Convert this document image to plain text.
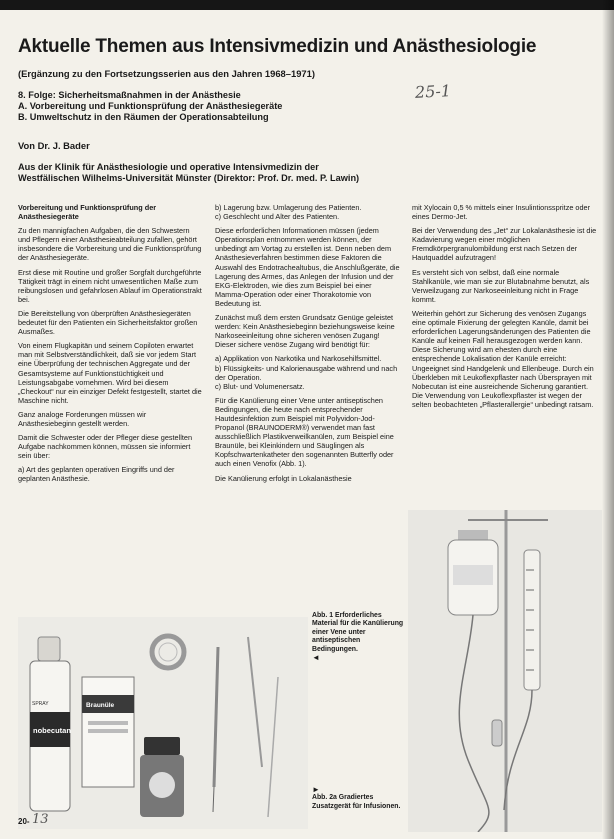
Aktuelle Themen aus Intensivmedizin und Anästhesiologie
(Ergänzung zu den Fortsetzungsserien aus den Jahren 1968–1971)
8. Folge: Sicherheitsmaßnahmen in der Anästhesie
A. Vorbereitung und Funktionsprüfung der Anästhesiegeräte
B. Umweltschutz in den Räumen der Operationsabteilung
25-1
Von Dr. J. Bader
Aus der Klinik für Anästhesiologie und operative Intensivmedizin der
Westfälischen Wilhelms-Universität Münster (Direktor: Prof. Dr. med. P. Lawin)

Vorbereitung und Funktionsprüfung der Anästhesiegeräte

Zu den mannigfachen Aufgaben, die den Schwestern und Pflegern einer Anästhesieabteilung zufallen, gehört insbesondere die Vorbereitung und die Funktionsprüfung der Anästhesiegeräte.

Erst diese mit Routine und großer Sorgfalt durchgeführte Tätigkeit trägt in einem nicht unwesentlichen Maße zum reibungslosen und gefahrlosen Ablauf im Operationstrakt bei.

Die Bereitstellung von überprüften Anästhesiegeräten bedeutet für den Patienten ein Sicherheitsfaktor großen Ausmaßes.

Von einem Flugkapitän und seinem Copiloten erwartet man mit Selbstverständlichkeit, daß sie vor jedem Start eine Überprüfung der technischen Aggregate und der Gesamtsysteme auf Funktionstüchtigkeit und Leistungsabgabe vornehmen. Wird bei diesem „Checkout“ nur ein einziger Defekt festgestellt, startet die Maschine nicht.

Ganz analoge Forderungen müssen wir Anästhesiebeginn gestellt werden.

Damit die Schwester oder der Pfleger diese gestellten Aufgabe nachkommen können, müssen sie informiert sein über:

a) Art des geplanten operativen Eingriffs und der geplanten Anästhesie.
b) Lagerung bzw. Umlagerung des Patienten.
c) Geschlecht und Alter des Patienten.

Diese erforderlichen Informationen müssen (jedem Operationsplan entnommen werden können, der unbedingt am Vortag zu erstellen ist. Denn neben dem Anästhesieverfahren bestimmen diese Faktoren die Auswahl des Endotrachealtubus, die Anschlußgeräte, die Lagerung des Armes, das Anlegen der Infusion und der EKG-Elektroden, wie dies zum Beispiel bei einer Mamma-Operation oder einer Thorakotomie von Bedeutung ist.

Zunächst muß dem ersten Grundsatz Genüge geleistet werden: Kein Anästhesiebeginn beziehungsweise keine Narkoseeinleitung ohne sicheren venösen Zugang! Dieser sichere venöse Zugang wird benötigt für:

a) Applikation von Narkotika und Narkosehilfsmittel.
b) Flüssigkeits- und Kalorienausgabe während und nach der Operation.
c) Blut- und Volumenersatz.

Für die Kanülierung einer Vene unter antiseptischen Bedingungen, die heute nach entsprechender Hautdesinfektion zum Beispiel mit Polyvidon-Jod-Propanol (BRAUNODERM®) verwendet man fast ausschließlich Plastikverweilkanülen, zum Beispiel eine Braunüle, bei Kleinkindern und Säuglingen als Kopfschwartenkatheter den sogenannten Butterfly oder auch einen Venofix (Abb. 1).

Die Kanülierung erfolgt in Lokalanästhesie

mit Xylocain 0,5 % mittels einer Insulintionsspritze oder eines Dermo-Jet.

Bei der Verwendung des „Jet“ zur Lokalanästhesie ist die Kadavierung wegen einer möglichen Fremdkörpergranulombildung erst nach Setzen der Hautquaddel aufzutragen!

Es versteht sich von selbst, daß eine normale Stahlkanüle, wie man sie zur Blutabnahme benutzt, als Verweilzugang zur Narkoseeinleitung nicht in Frage kommt.

Weiterhin gehört zur Sicherung des venösen Zugangs eine optimale Fixierung der gelegten Kanüle, damit bei erforderlichen Lagerungsänderungen des Patienten die Kanüle auf keinen Fall herausgezogen werden kann. Diese Sicherung wird am ehesten durch eine entsprechende Lokalisation der Kanüle erreicht: Ungeeignet sind Handgelenk und Ellenbeuge. Durch ein Überkleben mit Leukoflexpflaster nach Übersprayen mit Nobecutan ist eine ausreichende Sicherung garantiert. Die Verwendung von Leukoflexpflaster ist wegen der selten beobachteten „Pflasterallergie“ unbedingt ratsam.

SPRAY
nobecutan
Braunüle
Abb. 1 Erforderliches Material für die Kanülierung einer Vene unter antiseptischen Bedingungen.
◄
►
Abb. 2a Gradiertes Zusatzgerät für Infusionen.
20- 13
